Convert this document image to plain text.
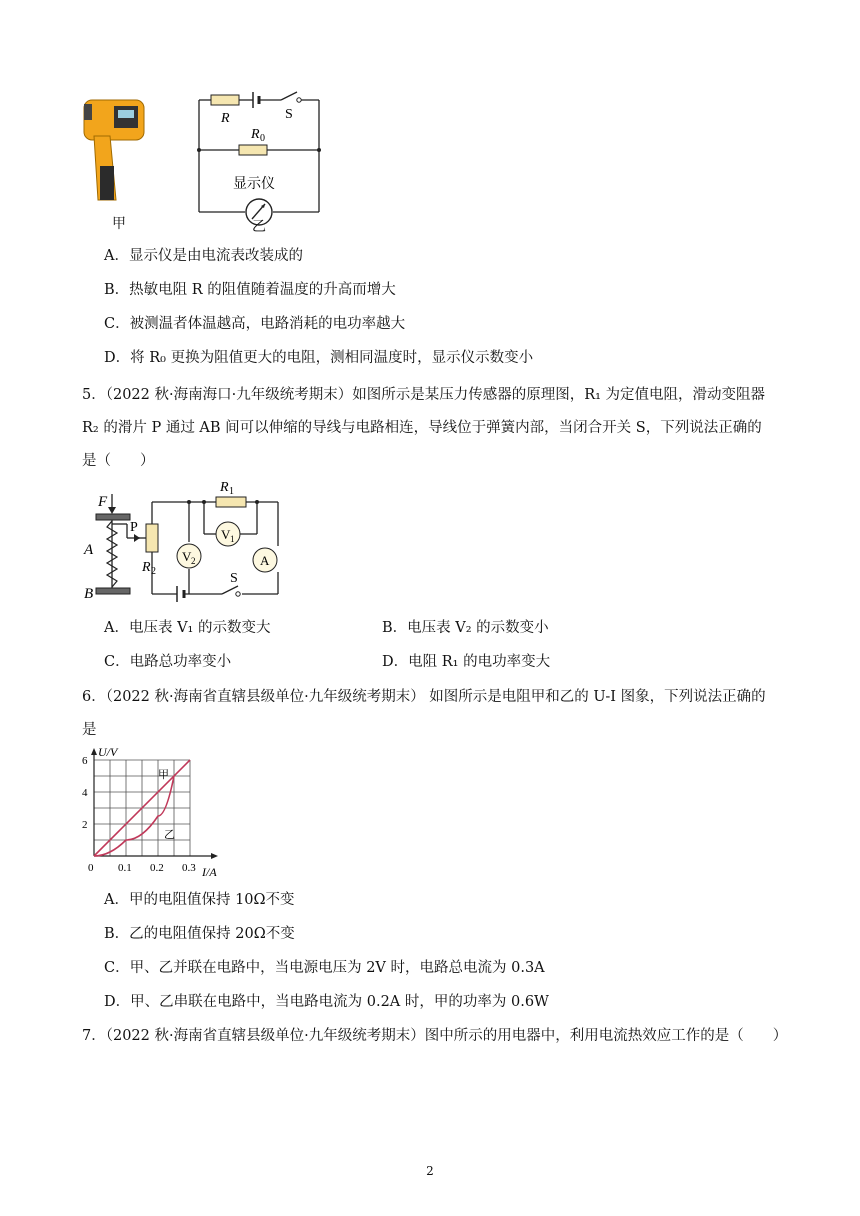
甲
R	S
R 0
显示仪
乙
A．显示仪是由电流表改装成的
B．热敏电阻 R 的阻值随着温度的升高而增大
C．被测温者体温越高，电路消耗的电功率越大
D．将 R₀ 更换为阻值更大的电阻，测相同温度时，显示仪示数变小
5．（2022 秋·海南海口·九年级统考期末）如图所示是某压力传感器的原理图，R₁ 为定值电阻，滑动变阻器
R₂ 的滑片 P 通过 AB 间可以伸缩的导线与电路相连，导线位于弹簧内部，当闭合开关 S，下列说法正确的
是（　　）
F
A
B
P
R 2
R 1
V 1
V 2	A
S
A．电压表 V₁ 的示数变大	B．电压表 V₂ 的示数变小
C．电路总功率变小	D．电阻 R₁ 的电功率变大
6．（2022 秋·海南省直辖县级单位·九年级统考期末） 如图所示是电阻甲和乙的 U-I 图象，下列说法正确的
是
0 0.1 0.2 0.3
2
4
6
U/V
I/A
甲
乙
A．甲的电阻值保持 10Ω不变
B．乙的电阻值保持 20Ω不变
C．甲、乙并联在电路中，当电源电压为 2V 时，电路总电流为 0.3A
D．甲、乙串联在电路中，当电路电流为 0.2A 时，甲的功率为 0.6W
7．（2022 秋·海南省直辖县级单位·九年级统考期末）图中所示的用电器中，利用电流热效应工作的是（　　）
2
